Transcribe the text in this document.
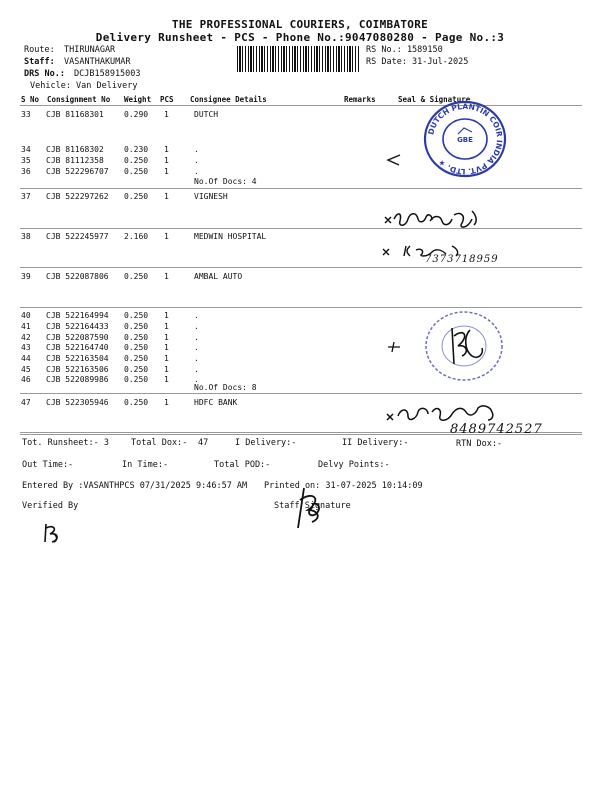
THE PROFESSIONAL COURIERS, COIMBATORE
Delivery Runsheet - PCS - Phone No.:9047080280 - Page No.:3
Route: THIRUNAGAR
Staff: VASANTHAKUMAR
DRS No.: DCJB158915003
Vehicle: Van Delivery
RS No.: 1589150
RS Date: 31-Jul-2025
S No Consignment No Weight PCS Consignee Details	Remarks	Seal & Signature
33 CJB 81168301	0.290 1	DUTCH
34 CJB 81168302	0.230 1	.
35 CJB 81112358	0.250 1	.
36 CJB 522296707 0.250 1	.
37 CJB 522297262 0.250 1	VIGNESH
38 CJB 522245977 2.160 1	MEDWIN HOSPITAL
39 CJB 522087806 0.250 1	AMBAL AUTO
40 CJB 522164994 0.250 1	.
41 CJB 522164433 0.250 1	.
42 CJB 522087590 0.250 1	.
43 CJB 522164740 0.250 1	.
44 CJB 522163504 0.250 1	.
45 CJB 522163506 0.250 1	.
46 CJB 522089986 0.250 1	.
47 CJB 522305946 0.250 1	HDFC BANK
No.Of Docs: 4
No.Of Docs: 8
DUTCH PLANTIN COIR INDIA PVT. LTD. ★
GBE
7373718959
8489742527
Tot. Runsheet:- 3	Total Dox:- 47	I Delivery:-	II Delivery:-	RTN Dox:-
Out Time:-	In Time:-	Total POD:-	Delvy Points:-
Entered By :VASANTHPCS 07/31/2025 9:46:57 AM Printed on: 31-07-2025 10:14:09
Verified By	Staff Signature
